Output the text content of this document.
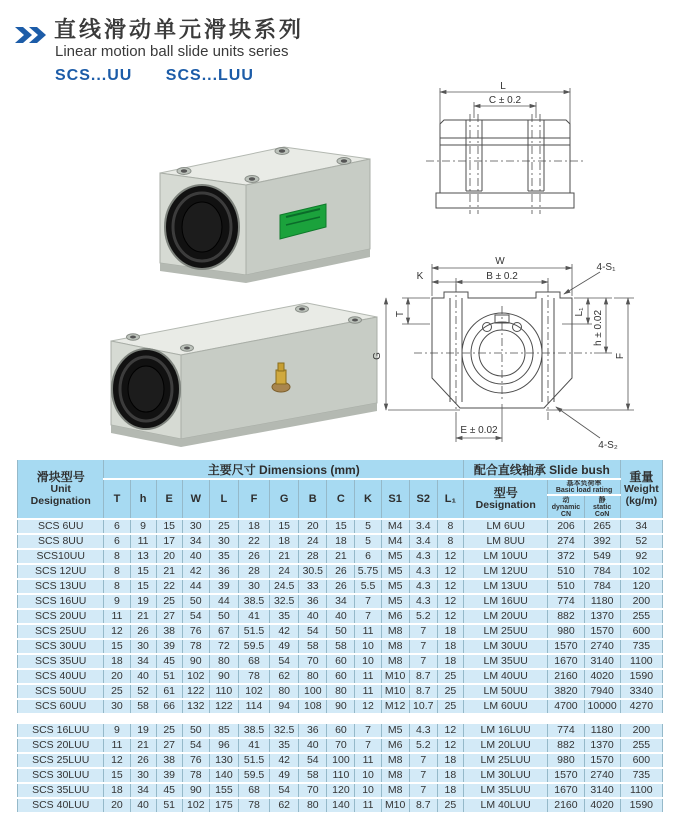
直线滑动单元滑块系列
Linear motion ball slide units series
SCS...UU SCS...LUU
L
C ± 0.2
W
B ± 0.2
K
T
G
E ± 0.02
L₁ h ± 0.02
F
4-S₁
4-S₂
滑块型号
Unit
Designation	主要尺寸 Dimensions (mm)													配合直线轴承 Slide bush			重量
Weight
(kg/m)

	T	h	E	W	L	F	G	B	C	K	S1	S2	L₁	型号
Designation	基本负荷率
Basic load rating		

															动
dynamic
CN	静
static
CoN	

SCS 6UU	6	9	15	30	25	18	15	20	15	5	M4	3.4	8	LM 6UU	206	265	34
SCS 8UU	6	11	17	34	30	22	18	24	18	5	M4	3.4	8	LM 8UU	274	392	52
SCS10UU	8	13	20	40	35	26	21	28	21	6	M5	4.3	12	LM 10UU	372	549	92
SCS 12UU	8	15	21	42	36	28	24	30.5	26	5.75	M5	4.3	12	LM 12UU	510	784	102
SCS 13UU	8	15	22	44	39	30	24.5	33	26	5.5	M5	4.3	12	LM 13UU	510	784	120
SCS 16UU	9	19	25	50	44	38.5	32.5	36	34	7	M5	4.3	12	LM 16UU	774	1180	200
SCS 20UU	11	21	27	54	50	41	35	40	40	7	M6	5.2	12	LM 20UU	882	1370	255
SCS 25UU	12	26	38	76	67	51.5	42	54	50	11	M8	7	18	LM 25UU	980	1570	600
SCS 30UU	15	30	39	78	72	59.5	49	58	58	10	M8	7	18	LM 30UU	1570	2740	735
SCS 35UU	18	34	45	90	80	68	54	70	60	10	M8	7	18	LM 35UU	1670	3140	1100
SCS 40UU	20	40	51	102	90	78	62	80	60	11	M10	8.7	25	LM 40UU	2160	4020	1590
SCS 50UU	25	52	61	122	110	102	80	100	80	11	M10	8.7	25	LM 50UU	3820	7940	3340
SCS 60UU	30	58	66	132	122	114	94	108	90	12	M12	10.7	25	LM 60UU	4700	10000	4270
SCS 16LUU	9	19	25	50	85	38.5	32.5	36	60	7	M5	4.3	12	LM 16LUU	774	1180	200
SCS 20LUU	11	21	27	54	96	41	35	40	70	7	M6	5.2	12	LM 20LUU	882	1370	255
SCS 25LUU	12	26	38	76	130	51.5	42	54	100	11	M8	7	18	LM 25LUU	980	1570	600
SCS 30LUU	15	30	39	78	140	59.5	49	58	110	10	M8	7	18	LM 30LUU	1570	2740	735
SCS 35LUU	18	34	45	90	155	68	54	70	120	10	M8	7	18	LM 35LUU	1670	3140	1100
SCS 40LUU	20	40	51	102	175	78	62	80	140	11	M10	8.7	25	LM 40LUU	2160	4020	1590
